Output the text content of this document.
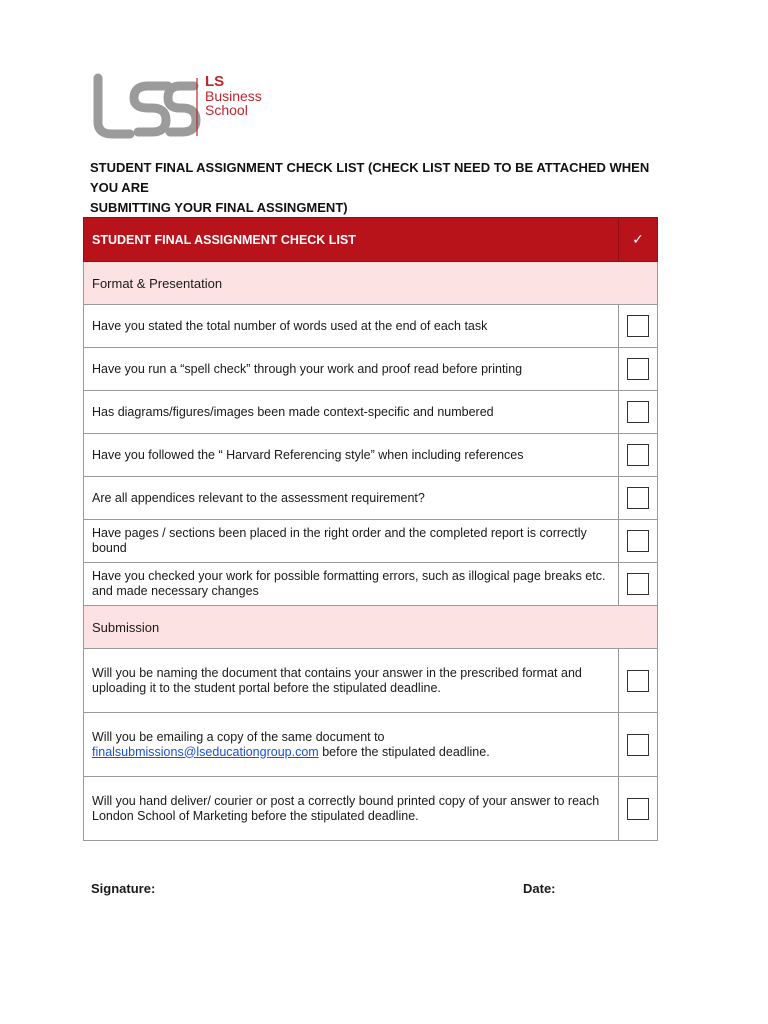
LS
Business
School
STUDENT FINAL ASSIGNMENT CHECK LIST (CHECK LIST NEED TO BE ATTACHED WHEN YOU ARE
SUBMITTING YOUR FINAL ASSINGMENT)
STUDENT FINAL ASSIGNMENT CHECK LIST	✓
Format & Presentation	
Have you stated the total number of words used at the end of each task	
Have you run a “spell check” through your work and proof read before printing	
Has diagrams/figures/images been made context-specific and numbered	
Have you followed the “ Harvard Referencing style” when including references	
Are all appendices relevant to the assessment requirement?	
Have pages / sections been placed in the right order and the completed report is correctly bound	
Have you checked your work for possible formatting errors, such as illogical page breaks etc. and made necessary changes	
Submission	
Will you be naming the document that contains your answer in the prescribed format and uploading it to the student portal before the stipulated deadline.	
Will you be emailing a copy of the same document to
finalsubmissions@lseducationgroup.com before the stipulated deadline.	
Will you hand deliver/ courier or post a correctly bound printed copy of your answer to reach London School of Marketing before the stipulated deadline.	
Signature:	Date:
